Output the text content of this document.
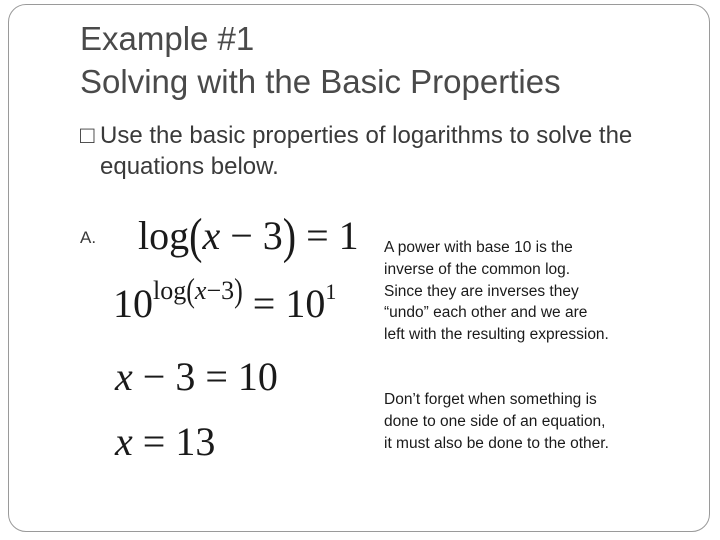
Example #1
Solving with the Basic Properties
□ Use the basic properties of logarithms to solve the
equations below.
A. log(x − 3) = 1
$10^{log}(^{x-3}) = 10^1$
x − 3 = 10
x = 13
A power with base 10 is the inverse of the common log. Since they are inverses they “undo” each other and we are left with the resulting expression.
Don’t forget when something is done to one side of an equation, it must also be done to the other.
